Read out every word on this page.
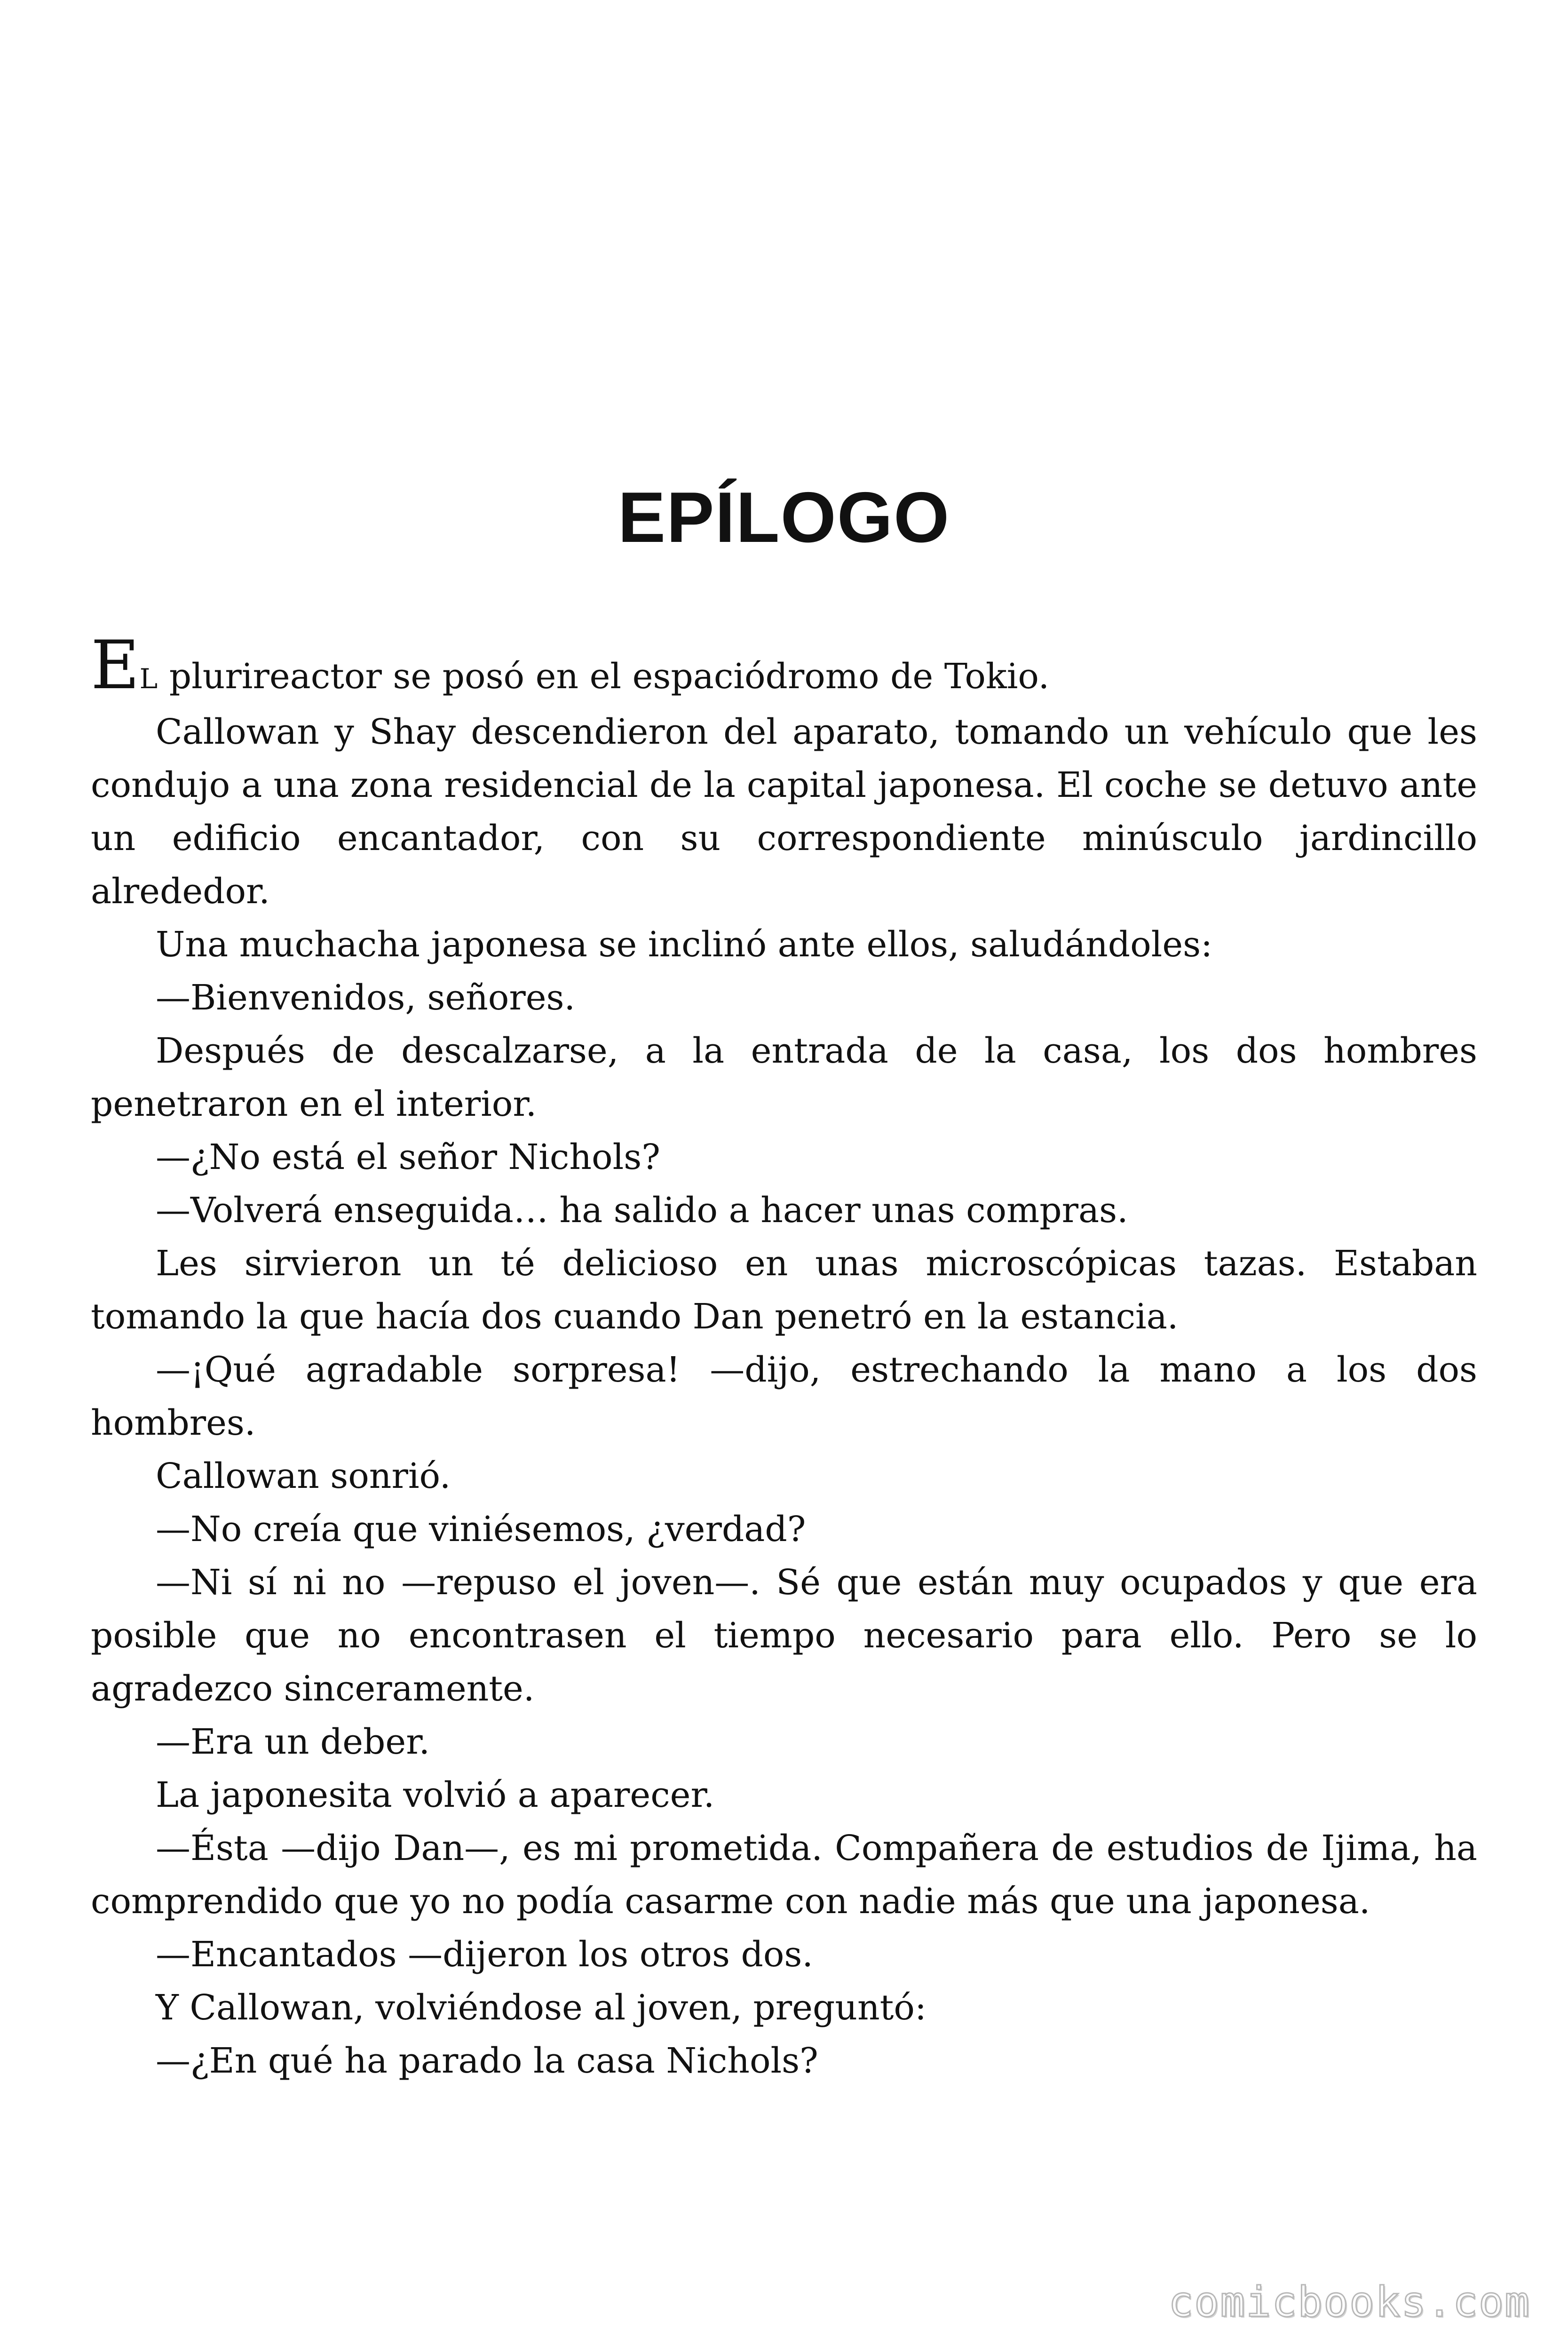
EPÍLOGO

EL plurireactor se posó en el espaciódromo de Tokio.

Callowan y Shay descendieron del aparato, tomando un vehículo que les condujo a una zona residencial de la capital japonesa. El coche se detuvo ante un edificio encantador, con su correspondiente minúsculo jardincillo alrededor.

Una muchacha japonesa se inclinó ante ellos, saludándoles:

—Bienvenidos, señores.

Después de descalzarse, a la entrada de la casa, los dos hombres penetraron en el interior.

—¿No está el señor Nichols?

—Volverá enseguida… ha salido a hacer unas compras.

Les sirvieron un té delicioso en unas microscópicas tazas. Estaban tomando la que hacía dos cuando Dan penetró en la estancia.

—¡Qué agradable sorpresa! —dijo, estrechando la mano a los dos hombres.

Callowan sonrió.

—No creía que viniésemos, ¿verdad?

—Ni sí ni no —repuso el joven—. Sé que están muy ocupados y que era posible que no encontrasen el tiempo necesario para ello. Pero se lo agradezco sinceramente.

—Era un deber.

La japonesita volvió a aparecer.

—Ésta —dijo Dan—, es mi prometida. Compañera de estudios de Ijima, ha comprendido que yo no podía casarme con nadie más que una japonesa.

—Encantados —dijeron los otros dos.

Y Callowan, volviéndose al joven, preguntó:

—¿En qué ha parado la casa Nichols?

comicbooks.com
